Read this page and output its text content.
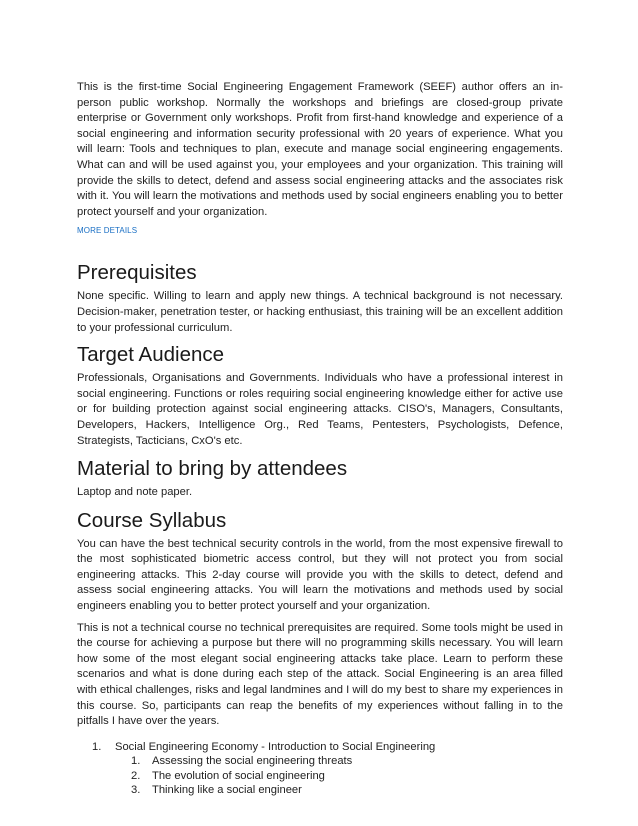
This is the first-time Social Engineering Engagement Framework (SEEF) author offers an in-person public workshop. Normally the workshops and briefings are closed-group private enterprise or Government only workshops. Profit from first-hand knowledge and experience of a social engineering and information security professional with 20 years of experience. What you will learn: Tools and techniques to plan, execute and manage social engineering engagements. What can and will be used against you, your employees and your organization. This training will provide the skills to detect, defend and assess social engineering attacks and the associates risk with it. You will learn the motivations and methods used by social engineers enabling you to better protect yourself and your organization.

MORE DETAILS
Prerequisites

None specific. Willing to learn and apply new things. A technical background is not necessary. Decision-maker, penetration tester, or hacking enthusiast, this training will be an excellent addition to your professional curriculum.

Target Audience

Professionals, Organisations and Governments. Individuals who have a professional interest in social engineering. Functions or roles requiring social engineering knowledge either for active use or for building protection against social engineering attacks. CISO's, Managers, Consultants, Developers, Hackers, Intelligence Org., Red Teams, Pentesters, Psychologists, Defence, Strategists, Tacticians, CxO's etc.

Material to bring by attendees

Laptop and note paper.

Course Syllabus

You can have the best technical security controls in the world, from the most expensive firewall to the most sophisticated biometric access control, but they will not protect you from social engineering attacks. This 2-day course will provide you with the skills to detect, defend and assess social engineering attacks. You will learn the motivations and methods used by social engineers enabling you to better protect yourself and your organization.

This is not a technical course no technical prerequisites are required. Some tools might be used in the course for achieving a purpose but there will no programming skills necessary. You will learn how some of the most elegant social engineering attacks take place. Learn to perform these scenarios and what is done during each step of the attack. Social Engineering is an area filled with ethical challenges, risks and legal landmines and I will do my best to share my experiences in this course. So, participants can reap the benefits of my experiences without falling in to the pitfalls I have over the years.

1. Social Engineering Economy - Introduction to Social Engineering
1. Assessing the social engineering threats
2. The evolution of social engineering
3. Thinking like a social engineer
